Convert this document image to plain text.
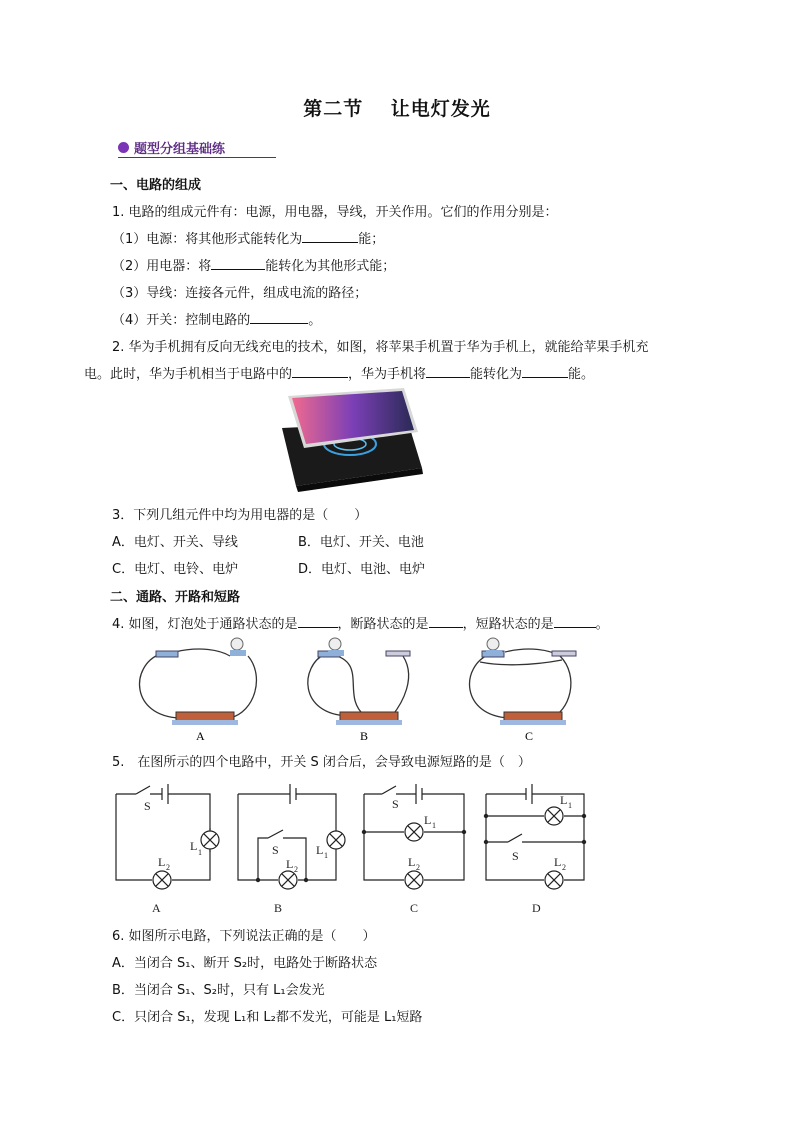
第二节　 让电灯发光
题型分组基础练
一、电路的组成
1. 电路的组成元件有：电源，用电器，导线，开关作用。它们的作用分别是：
（1）电源：将其他形式能转化为	能；
（2）用电器：将	能转化为其他形式能；
（3）导线：连接各元件，组成电流的路径；
（4）开关：控制电路的	。
2. 华为手机拥有反向无线充电的技术，如图，将苹果手机置于华为手机上，就能给苹果手机充
电。此时，华为手机相当于电路中的	，华为手机将	能转化为	能。
3．下列几组元件中均为用电器的是（　　）
A．电灯、开关、导线	B．电灯、开关、电池
C．电灯、电铃、电炉	D．电灯、电池、电炉
二、通路、开路和短路
4. 如图，灯泡处于通路状态的是	，断路状态的是	，短路状态的是	。
A	B	C
5.　在图所示的四个电路中，开关 S 闭合后，会导致电源短路的是（　）
S
L 1
L 2
S
L 2
L 1
S
L 1
L 2
L 1
S	L 2
A	B	C	D
6. 如图所示电路，下列说法正确的是（　　）
A．当闭合 S₁、断开 S₂时，电路处于断路状态
B．当闭合 S₁、S₂时，只有 L₁会发光
C．只闭合 S₁，发现 L₁和 L₂都不发光，可能是 L₁短路
